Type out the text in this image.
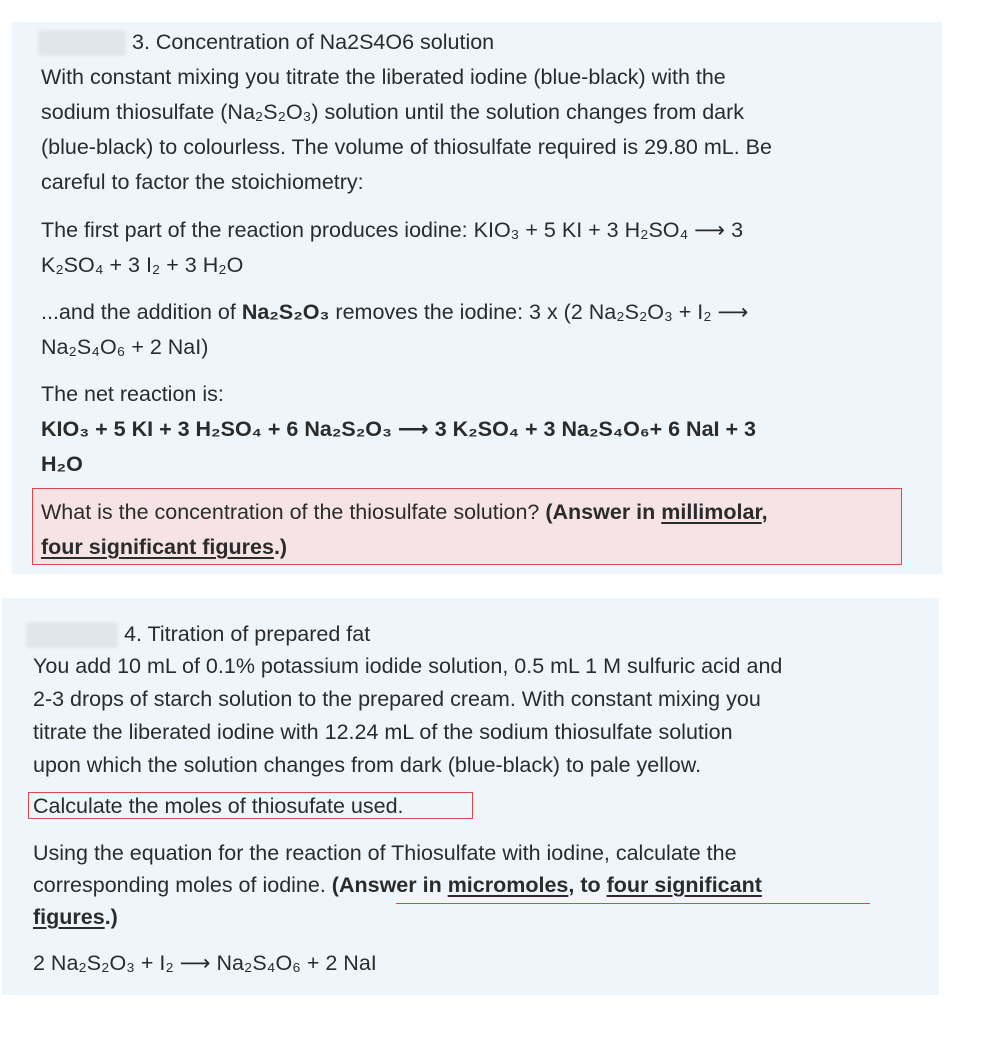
3. Concentration of Na2S4O6 solution
With constant mixing you titrate the liberated iodine (blue-black) with the
sodium thiosulfate (Na₂S₂O₃) solution until the solution changes from dark
(blue-black) to colourless. The volume of thiosulfate required is 29.80 mL. Be
careful to factor the stoichiometry:
The first part of the reaction produces iodine: KIO₃ + 5 KI + 3 H₂SO₄ ⟶ 3
K₂SO₄ + 3 I₂ + 3 H₂O
...and the addition of Na₂S₂O₃ removes the iodine: 3 x (2 Na₂S₂O₃ + I₂ ⟶
Na₂S₄O₆ + 2 NaI)
The net reaction is:
KIO₃ + 5 KI + 3 H₂SO₄ + 6 Na₂S₂O₃ ⟶ 3 K₂SO₄ + 3 Na₂S₄O₆+ 6 NaI + 3
H₂O
What is the concentration of the thiosulfate solution? (Answer in millimolar,
four significant figures.)
4. Titration of prepared fat
You add 10 mL of 0.1% potassium iodide solution, 0.5 mL 1 M sulfuric acid and
2-3 drops of starch solution to the prepared cream. With constant mixing you
titrate the liberated iodine with 12.24 mL of the sodium thiosulfate solution
upon which the solution changes from dark (blue-black) to pale yellow.
Calculate the moles of thiosufate used.
Using the equation for the reaction of Thiosulfate with iodine, calculate the
corresponding moles of iodine. (Answer in micromoles, to four significant
figures.)
2 Na₂S₂O₃ + I₂ ⟶ Na₂S₄O₆ + 2 NaI
